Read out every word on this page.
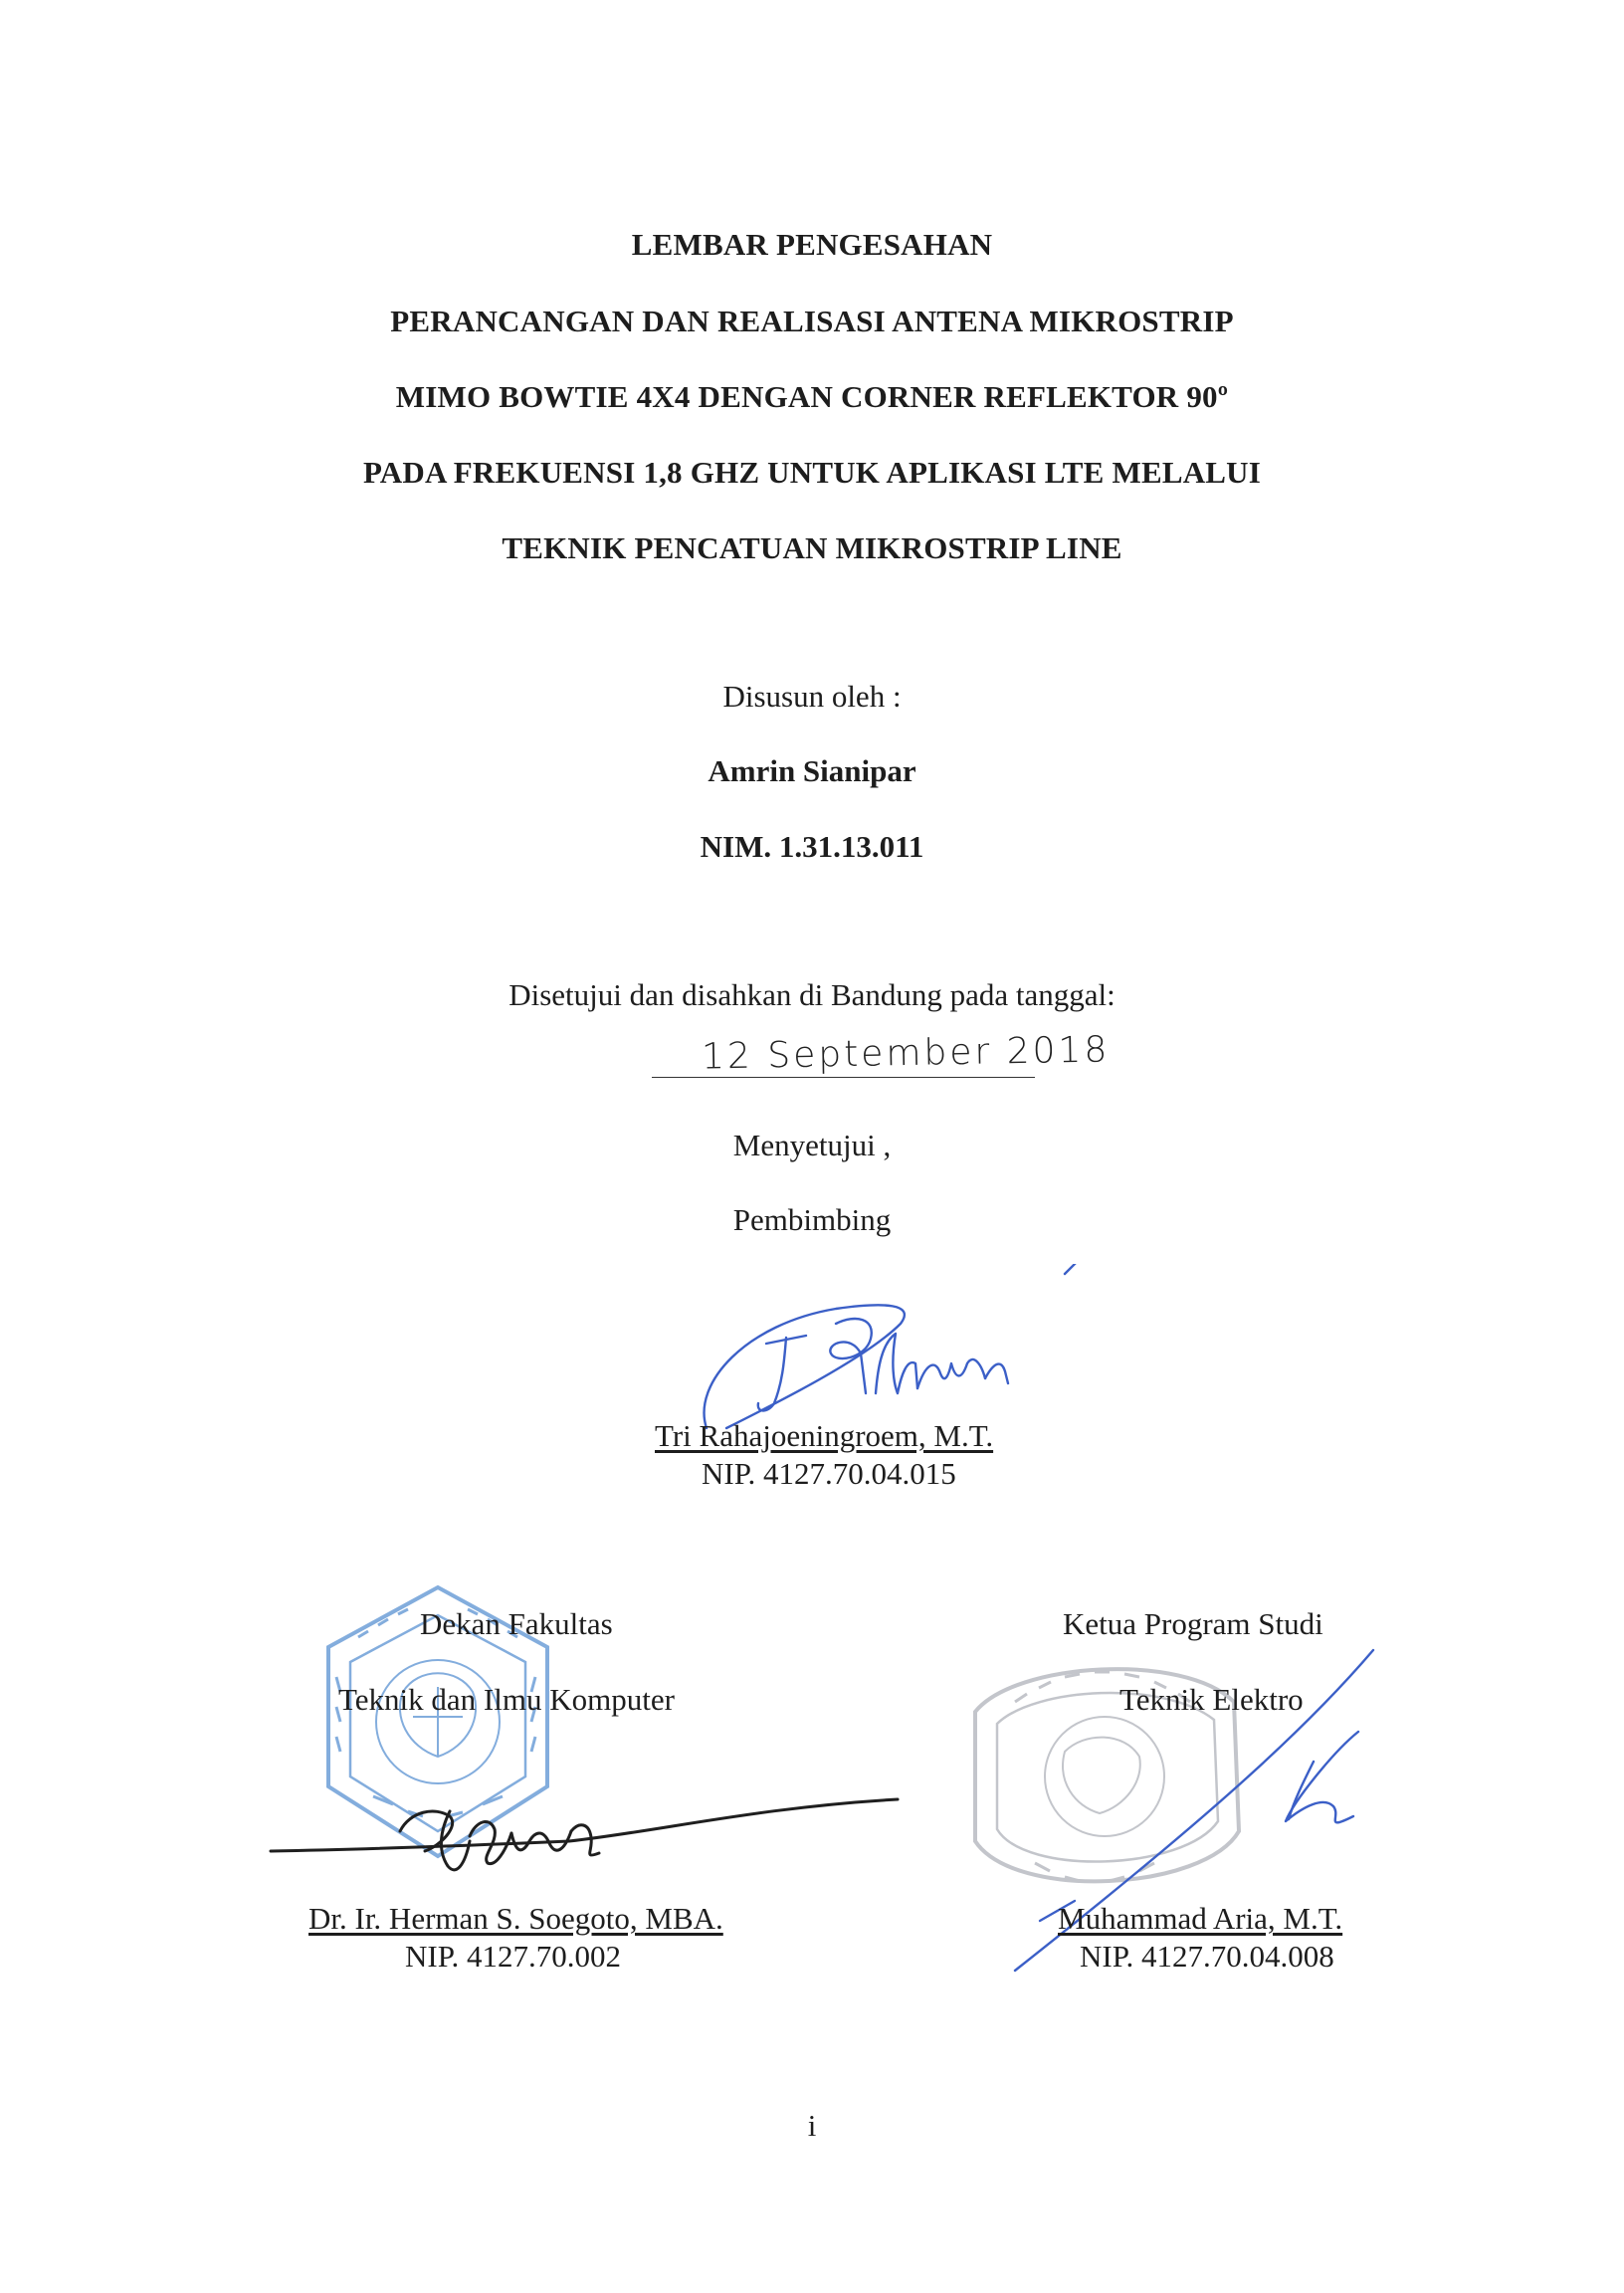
LEMBAR PENGESAHAN
PERANCANGAN DAN REALISASI ANTENA MIKROSTRIP
MIMO BOWTIE 4X4 DENGAN CORNER REFLEKTOR 90º
PADA FREKUENSI 1,8 GHZ UNTUK APLIKASI LTE MELALUI
TEKNIK PENCATUAN MIKROSTRIP LINE
Disusun oleh :
Amrin Sianipar
NIM. 1.31.13.011
Disetujui dan disahkan di Bandung pada tanggal:
12 September 2018
Menyetujui ,
Pembimbing
Tri Rahajoeningroem, M.T.
NIP. 4127.70.04.015
Dekan Fakultas
Teknik dan Ilmu Komputer
Dr. Ir. Herman S. Soegoto, MBA.
NIP. 4127.70.002
Ketua Program Studi
Teknik Elektro
Muhammad Aria, M.T.
NIP. 4127.70.04.008
i
